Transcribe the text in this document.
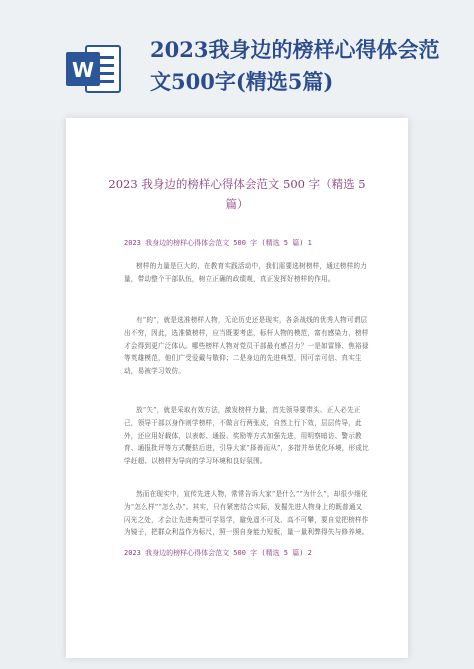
W
2023我身边的榜样心得体会范文500字(精选5篇)
2023 我身边的榜样心得体会范文 500 字（精选 5 篇）
2023 我身边的榜样心得体会范文 500 字 (精选 5 篇) 1
榜样的力量是巨大的，在教育实践活动中，我们需要选树榜样，通过榜样的力量，带动整个干部队伍，树立正确的政绩观，真正发挥好榜样的作用。
有“的”，就是选准榜样人物，无论历史还是现实，各条战线的优秀人物可谓层出不穷，因此，选准做榜样，应当既要考虑，标杆人物的模范，富有感染力，榜样才会得到更广泛体认。哪些榜样人物对党员干部最有感召力？一是如雷锋、焦裕禄等英雄模范，他们广受爱戴与敬仰；二是身边的先进典型，因可亲可信、真实生动，易被学习效仿。
放“矢”，就是采取有效方法，激发榜样力量，首先领导要带头、正人必先正己，领导干部以身作则学榜样，不做言行两张皮，自然上行下效，层层传导，此外，还应用好载体，以表彰、通报、奖励等方式加强先进，用明察暗访、警示教育、通报批评等方式鞭挞后进，引导大家“择善而从”，多措并举优化环境，形成比学赶超、以榜样为导向的学习环境和良好氛围。
然而在现实中，宣传先进人物，常常告诉大家“是什么”“为什么”，却很少细化为“怎么样”“怎么办”。其实，只有紧密结合实际，发掘先进人物身上的既普通又闪光之处，才会让先进典型可学易学，避免遥不可及、高不可攀，要自觉把榜样作为镜子，把群众利益作为标尺，照一照自身能力短板，量一量利弊得失与修养境。
2023 我身边的榜样心得体会范文 500 字 (精选 5 篇) 2
